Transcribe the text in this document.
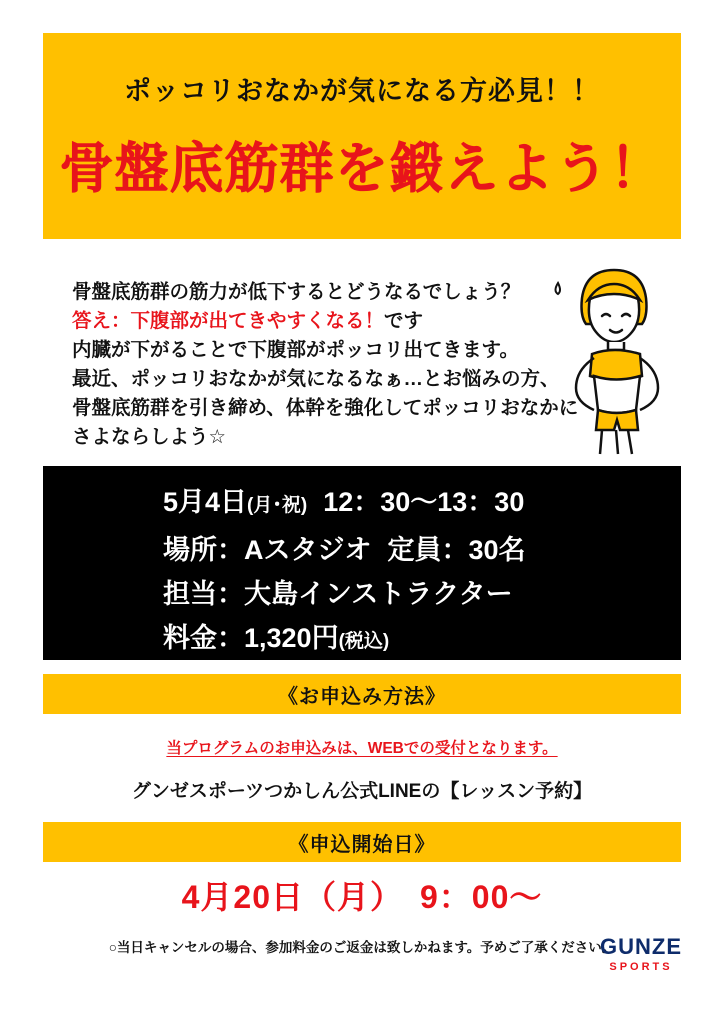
ポッコリおなかが気になる方必見！！
骨盤底筋群を鍛えよう！
骨盤底筋群の筋力が低下するとどうなるでしょう？
答え：下腹部が出てきやすくなる！です
内臓が下がることで下腹部がポッコリ出てきます。
最近、ポッコリおなかが気になるなぁ…とお悩みの方、
骨盤底筋群を引き締め、体幹を強化してポッコリおなかに
さよならしよう☆
5月4日(月･祝) 12：30〜13：30
場所：Aスタジオ 定員：30名
担当：大島インストラクター
料金：1,320円(税込)
《お申込み方法》
当プログラムのお申込みは、WEBでの受付となります。
グンゼスポーツつかしん公式LINEの【レッスン予約】
《申込開始日》
4月20日（月）　9：00〜
○当日キャンセルの場合、参加料金のご返金は致しかねます。予めご了承ください。
GUNZE
SPORTS
